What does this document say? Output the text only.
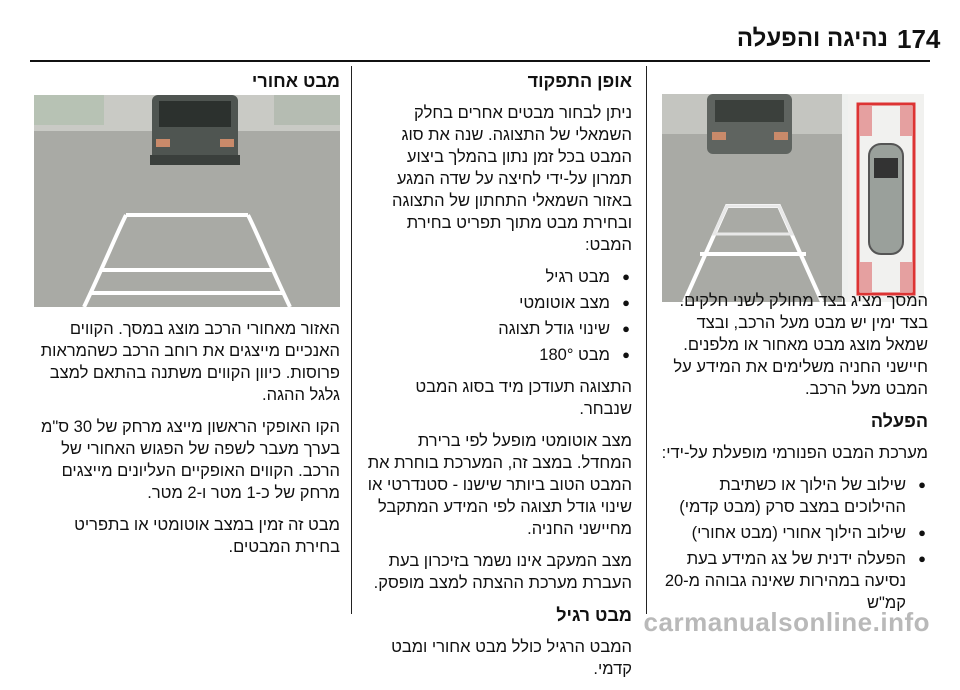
174
נהיגה והפעלה

המסך מציג בצד מחולק לשני חלקים. בצד ימין יש מבט מעל הרכב, ובצד שמאל מוצג מבט מאחור או מלפנים. חיישני החניה משלימים את המידע על המבט מעל הרכב.

הפעלה

מערכת המבט הפנורמי מופעלת על-ידי:

● שילוב של הילוך או כשתיבת ההילוכים במצב סרק (מבט קדמי)
● שילוב הילוך אחורי (מבט אחורי)
● הפעלה ידנית של צג המידע בעת נסיעה במהירות שאינה גבוהה מ-20 קמ"ש
אופן התפקוד

ניתן לבחור מבטים אחרים בחלק השמאלי של התצוגה. שנה את סוג המבט בכל זמן נתון בהמלך ביצוע תמרון על-ידי לחיצה על שדה המגע באזור השמאלי התחתון של התצוגה ובחירת מבט מתוך תפריט בחירת המבט:

● מבט רגיל
● מצב אוטומטי
● שינוי גודל תצוגה
● מבט 180°

התצוגה תעודכן מיד בסוג המבט שנבחר.

מצב אוטומטי מופעל לפי ברירת המחדל. במצב זה, המערכת בוחרת את המבט הטוב ביותר שישנו - סטנדרטי או שינוי גודל תצוגה לפי המידע המתקבל מחיישני החניה.

מצב המעקב אינו נשמר בזיכרון בעת העברת מערכת ההצתה למצב מופסק.

מבט רגיל

המבט הרגיל כולל מבט אחורי ומבט קדמי.

מבט אחורי

האזור מאחורי הרכב מוצג במסך. הקווים האנכיים מייצגים את רוחב הרכב כשהמראות פרוסות. כיוון הקווים משתנה בהתאם למצב גלגל ההגה.

הקו האופקי הראשון מייצג מרחק של 30 ס"מ בערך מעבר לשפה של הפגוש האחורי של הרכב. הקווים האופקיים העליונים מייצגים מרחק של כ-1 מטר ו-2 מטר.

מבט זה זמין במצב אוטומטי או בתפריט בחירת המבטים.

carmanualsonline.info
